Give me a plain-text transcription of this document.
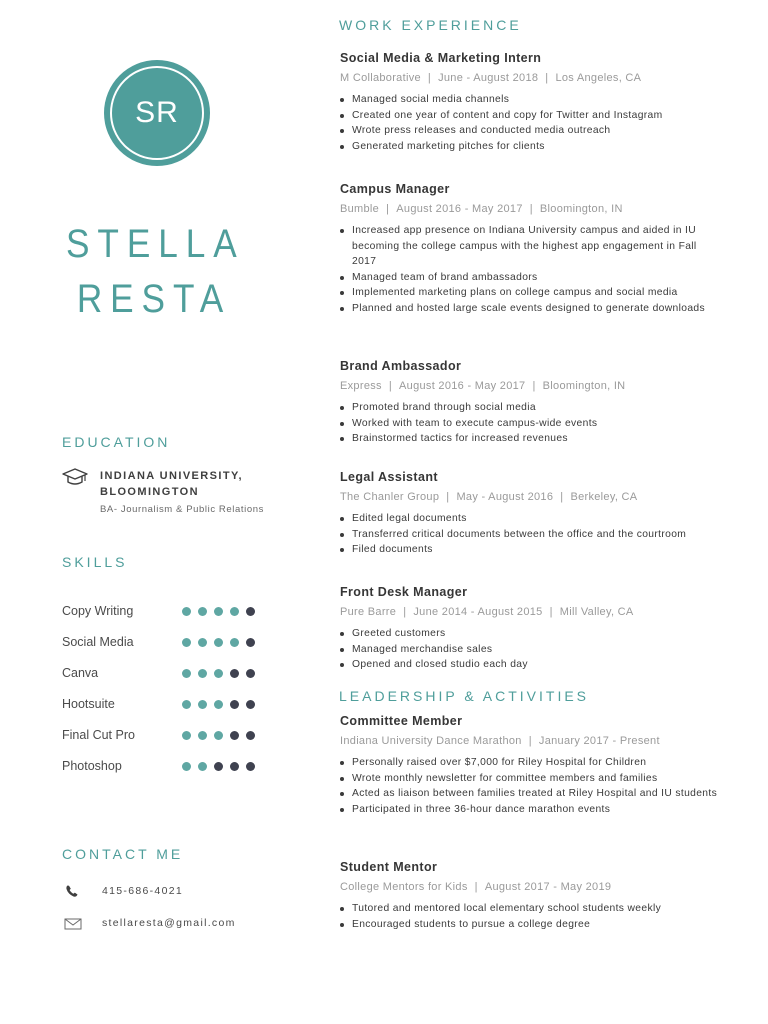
SR
STELLA
RESTA
EDUCATION
INDIANA UNIVERSITY, BLOOMINGTON
BA- Journalism & Public Relations
SKILLS
Copy Writing
Social Media
Canva
Hootsuite
Final Cut Pro
Photoshop
CONTACT ME
415-686-4021
stellaresta@gmail.com
WORK EXPERIENCE
Social Media & Marketing Intern
M Collaborative | June - August 2018 | Los Angeles, CA
Managed social media channels
Created one year of content and copy for Twitter and Instagram
Wrote press releases and conducted media outreach
Generated marketing pitches for clients
Campus Manager
Bumble | August 2016 - May 2017 | Bloomington, IN
Increased app presence on Indiana University campus and aided in IU becoming the college campus with the highest app engagement in Fall 2017
Managed team of brand ambassadors
Implemented marketing plans on college campus and social media
Planned and hosted large scale events designed to generate downloads
Brand Ambassador
Express | August 2016 - May 2017 | Bloomington, IN
Promoted brand through social media
Worked with team to execute campus-wide events
Brainstormed tactics for increased revenues
Legal Assistant
The Chanler Group | May - August 2016 | Berkeley, CA
Edited legal documents
Transferred critical documents between the office and the courtroom
Filed documents
Front Desk Manager
Pure Barre | June 2014 - August 2015 | Mill Valley, CA
Greeted customers
Managed merchandise sales
Opened and closed studio each day
LEADERSHIP & ACTIVITIES
Committee Member
Indiana University Dance Marathon | January 2017 - Present
Personally raised over $7,000 for Riley Hospital for Children
Wrote monthly newsletter for committee members and families
Acted as liaison between families treated at Riley Hospital and IU students
Participated in three 36-hour dance marathon events
Student Mentor
College Mentors for Kids | August 2017 - May 2019
Tutored and mentored local elementary school students weekly
Encouraged students to pursue a college degree
